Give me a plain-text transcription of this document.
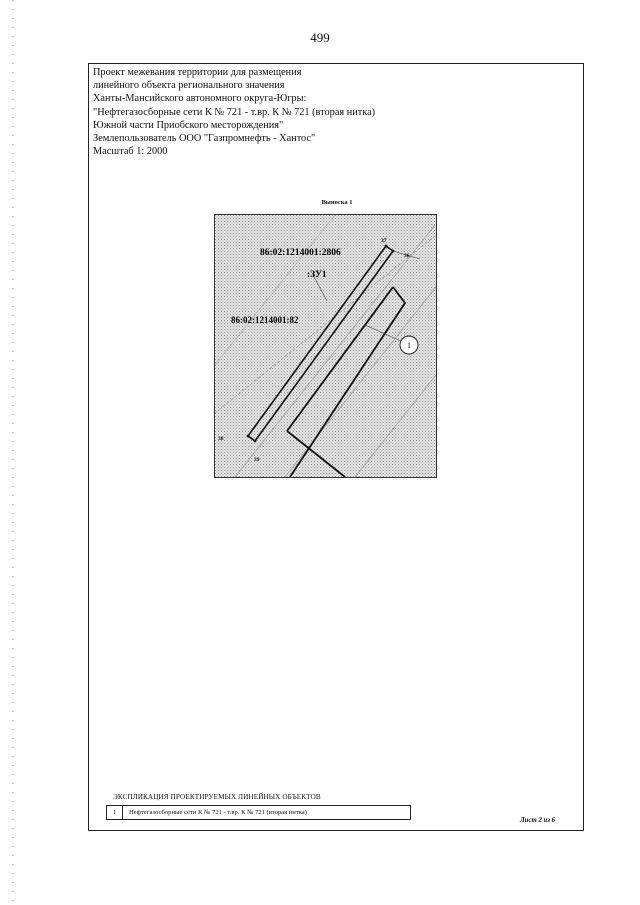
499
Проект межевания территории для размещения
линейного объекта регионального значения
Ханты-Мансийского автономного округа-Югры:
"Нефтегазосборные сети К № 721 - т.вр. К № 721 (вторая нитка)
Южной части Приобского месторождения"
Землепользователь ООО "Газпромнефть - Хантос"
Масштаб 1: 2000
Выноска 1
86:02:1214001:2806
:ЗУ1
86:02:1214001:82
37
36
38
39
1
ЭКСПЛИКАЦИЯ ПРОЕКТИРУЕМЫХ ЛИНЕЙНЫХ ОБЪЕКТОВ
1	Нефтегазосборные сети К № 721 - т.вр. К № 721 (вторая нитка)
Лист 2 из 6
